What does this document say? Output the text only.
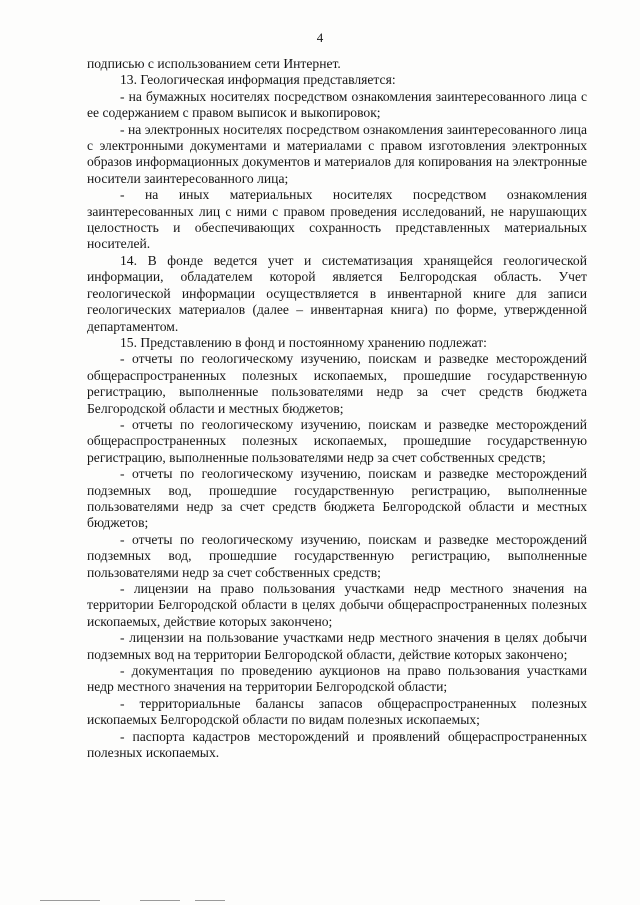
4

подписью с использованием сети Интернет.

13. Геологическая информация представляется:

- на бумажных носителях посредством ознакомления заинтересованного лица с ее содержанием с правом выписок и выкопировок;

- на электронных носителях посредством ознакомления заинтересованного лица с электронными документами и материалами с правом изготовления электронных образов информационных документов и материалов для копирования на электронные носители заинтересованного лица;

- на иных материальных носителях посредством ознакомления заинтересованных лиц с ними с правом проведения исследований, не нарушающих целостность и обеспечивающих сохранность представленных материальных носителей.

14. В фонде ведется учет и систематизация хранящейся геологической информации, обладателем которой является Белгородская область. Учет геологической информации осуществляется в инвентарной книге для записи геологических материалов (далее – инвентарная книга) по форме, утвержденной департаментом.

15. Представлению в фонд и постоянному хранению подлежат:

- отчеты по геологическому изучению, поискам и разведке месторождений общераспространенных полезных ископаемых, прошедшие государственную регистрацию, выполненные пользователями недр за счет средств бюджета Белгородской области и местных бюджетов;

- отчеты по геологическому изучению, поискам и разведке месторождений общераспространенных полезных ископаемых, прошедшие государственную регистрацию, выполненные пользователями недр за счет собственных средств;

- отчеты по геологическому изучению, поискам и разведке месторождений подземных вод, прошедшие государственную регистрацию, выполненные пользователями недр за счет средств бюджета Белгородской области и местных бюджетов;

- отчеты по геологическому изучению, поискам и разведке месторождений подземных вод, прошедшие государственную регистрацию, выполненные пользователями недр за счет собственных средств;

- лицензии на право пользования участками недр местного значения на территории Белгородской области в целях добычи общераспространенных полезных ископаемых, действие которых закончено;

- лицензии на пользование участками недр местного значения в целях добычи подземных вод на территории Белгородской области, действие которых закончено;

- документация по проведению аукционов на право пользования участками недр местного значения на территории Белгородской области;

- территориальные балансы запасов общераспространенных полезных ископаемых Белгородской области по видам полезных ископаемых;

- паспорта кадастров месторождений и проявлений общераспространенных полезных ископаемых.
